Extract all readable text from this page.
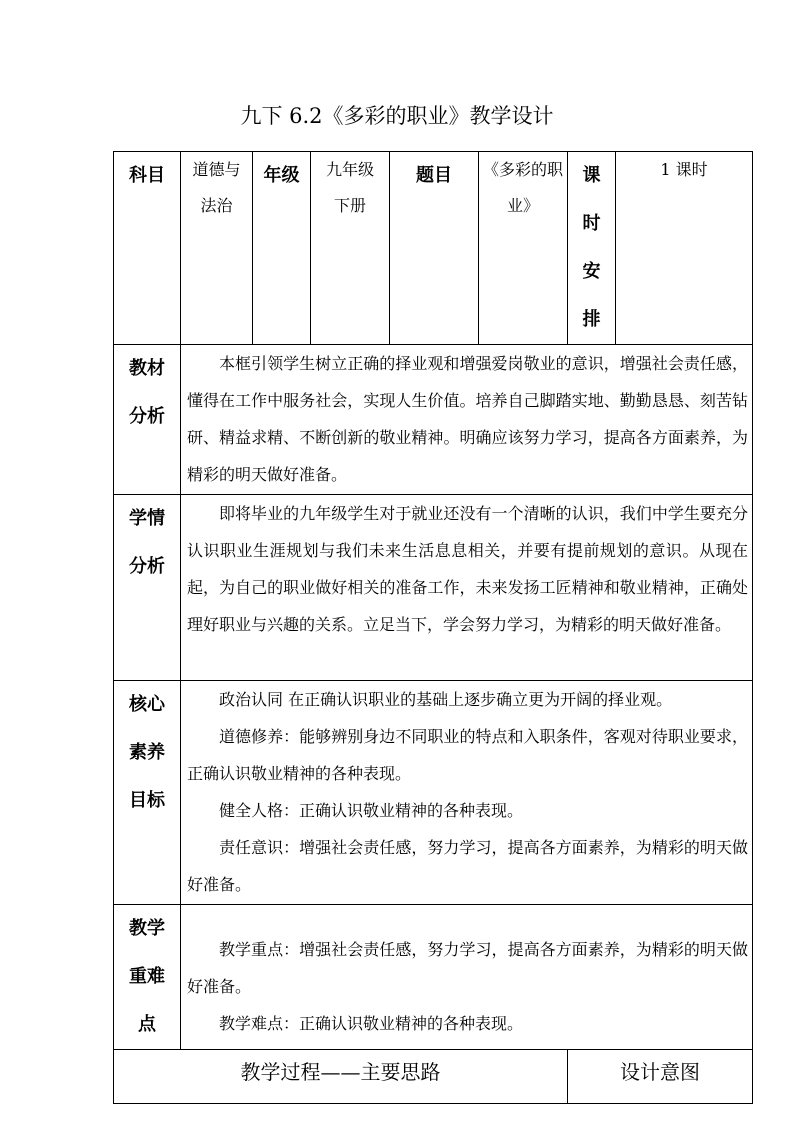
九下 6.2《多彩的职业》教学设计
科目	道德与法治	年级	九年级下册	题目	《多彩的职业》	课时安排	1 课时

教材分析	本框引领学生树立正确的择业观和增强爱岗敬业的意识，增强社会责任感，懂得在工作中服务社会，实现人生价值。培养自己脚踏实地、勤勤恳恳、刻苦钻研、精益求精、不断创新的敬业精神。明确应该努力学习，提高各方面素养，为精彩的明天做好准备。						

学情分析	即将毕业的九年级学生对于就业还没有一个清晰的认识，我们中学生要充分认识职业生涯规划与我们未来生活息息相关，并要有提前规划的意识。从现在起，为自己的职业做好相关的准备工作，未来发扬工匠精神和敬业精神，正确处理好职业与兴趣的关系。立足当下，学会努力学习，为精彩的明天做好准备。						

核心素养目标	政治认同 在正确认识职业的基础上逐步确立更为开阔的择业观。

道德修养：能够辨别身边不同职业的特点和入职条件，客观对待职业要求，正确认识敬业精神的各种表现。

健全人格：正确认识敬业精神的各种表现。

责任意识：增强社会责任感，努力学习，提高各方面素养，为精彩的明天做好准备。						

教学重难点	教学重点：增强社会责任感，努力学习，提高各方面素养，为精彩的明天做好准备。

教学难点：正确认识敬业精神的各种表现。						

教学过程——主要思路						设计意图	
